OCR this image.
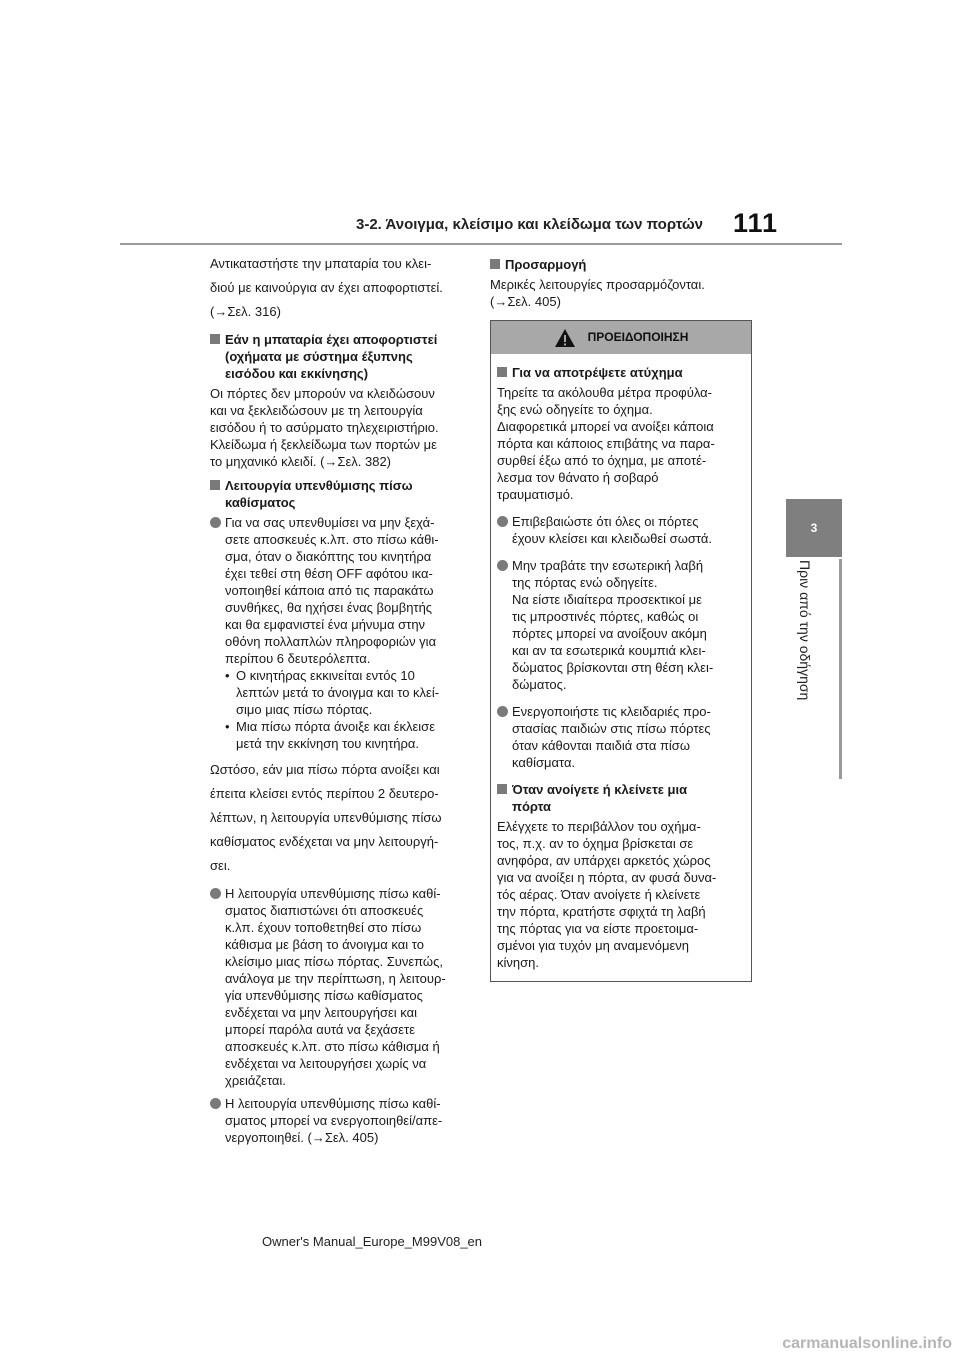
3-2. Άνοιγμα, κλείσιμο και κλείδωμα των πορτών 111
3
Πριν από την οδήγηση
Αντικαταστήστε την μπαταρία του κλει-
διού με καινούργια αν έχει αποφορτιστεί.
(→Σελ. 316)
Εάν η μπαταρία έχει αποφορτιστεί
(οχήματα με σύστημα έξυπνης
εισόδου και εκκίνησης)
Οι πόρτες δεν μπορούν να κλειδώσουν
και να ξεκλειδώσουν με τη λειτουργία
εισόδου ή το ασύρματο τηλεχειριστήριο.
Κλείδωμα ή ξεκλείδωμα των πορτών με
το μηχανικό κλειδί. (→Σελ. 382)
Λειτουργία υπενθύμισης πίσω
καθίσματος
Για να σας υπενθυμίσει να μην ξεχά-
σετε αποσκευές κ.λπ. στο πίσω κάθι-
σμα, όταν ο διακόπτης του κινητήρα
έχει τεθεί στη θέση OFF αφότου ικα-
νοποιηθεί κάποια από τις παρακάτω
συνθήκες, θα ηχήσει ένας βομβητής
και θα εμφανιστεί ένα μήνυμα στην
οθόνη πολλαπλών πληροφοριών για
περίπου 6 δευτερόλεπτα.
• Ο κινητήρας εκκινείται εντός 10
λεπτών μετά το άνοιγμα και το κλεί-
σιμο μιας πίσω πόρτας.
• Μια πίσω πόρτα άνοιξε και έκλεισε
μετά την εκκίνηση του κινητήρα.
Ωστόσο, εάν μια πίσω πόρτα ανοίξει και
έπειτα κλείσει εντός περίπου 2 δευτερο-
λέπτων, η λειτουργία υπενθύμισης πίσω
καθίσματος ενδέχεται να μην λειτουργή-
σει.
Η λειτουργία υπενθύμισης πίσω καθί-
σματος διαπιστώνει ότι αποσκευές
κ.λπ. έχουν τοποθετηθεί στο πίσω
κάθισμα με βάση το άνοιγμα και το
κλείσιμο μιας πίσω πόρτας. Συνεπώς,
ανάλογα με την περίπτωση, η λειτουρ-
γία υπενθύμισης πίσω καθίσματος
ενδέχεται να μην λειτουργήσει και
μπορεί παρόλα αυτά να ξεχάσετε
αποσκευές κ.λπ. στο πίσω κάθισμα ή
ενδέχεται να λειτουργήσει χωρίς να
χρειάζεται.
Η λειτουργία υπενθύμισης πίσω καθί-
σματος μπορεί να ενεργοποιηθεί/απε-
νεργοποιηθεί. (→Σελ. 405)
Προσαρμογή
Μερικές λειτουργίες προσαρμόζονται.
(→Σελ. 405)
ΠΡΟΕΙΔΟΠΟΙΗΣΗ
Για να αποτρέψετε ατύχημα
Τηρείτε τα ακόλουθα μέτρα προφύλα-
ξης ενώ οδηγείτε το όχημα.
Διαφορετικά μπορεί να ανοίξει κάποια
πόρτα και κάποιος επιβάτης να παρα-
συρθεί έξω από το όχημα, με αποτέ-
λεσμα τον θάνατο ή σοβαρό
τραυματισμό.
Επιβεβαιώστε ότι όλες οι πόρτες
έχουν κλείσει και κλειδωθεί σωστά.
Μην τραβάτε την εσωτερική λαβή
της πόρτας ενώ οδηγείτε.
Να είστε ιδιαίτερα προσεκτικοί με
τις μπροστινές πόρτες, καθώς οι
πόρτες μπορεί να ανοίξουν ακόμη
και αν τα εσωτερικά κουμπιά κλει-
δώματος βρίσκονται στη θέση κλει-
δώματος.
Ενεργοποιήστε τις κλειδαριές προ-
στασίας παιδιών στις πίσω πόρτες
όταν κάθονται παιδιά στα πίσω
καθίσματα.
Όταν ανοίγετε ή κλείνετε μια
πόρτα
Ελέγχετε το περιβάλλον του οχήμα-
τος, π.χ. αν το όχημα βρίσκεται σε
ανηφόρα, αν υπάρχει αρκετός χώρος
για να ανοίξει η πόρτα, αν φυσά δυνα-
τός αέρας. Όταν ανοίγετε ή κλείνετε
την πόρτα, κρατήστε σφιχτά τη λαβή
της πόρτας για να είστε προετοιμα-
σμένοι για τυχόν μη αναμενόμενη
κίνηση.
Owner's Manual_Europe_M99V08_en
carmanualsonline.info
